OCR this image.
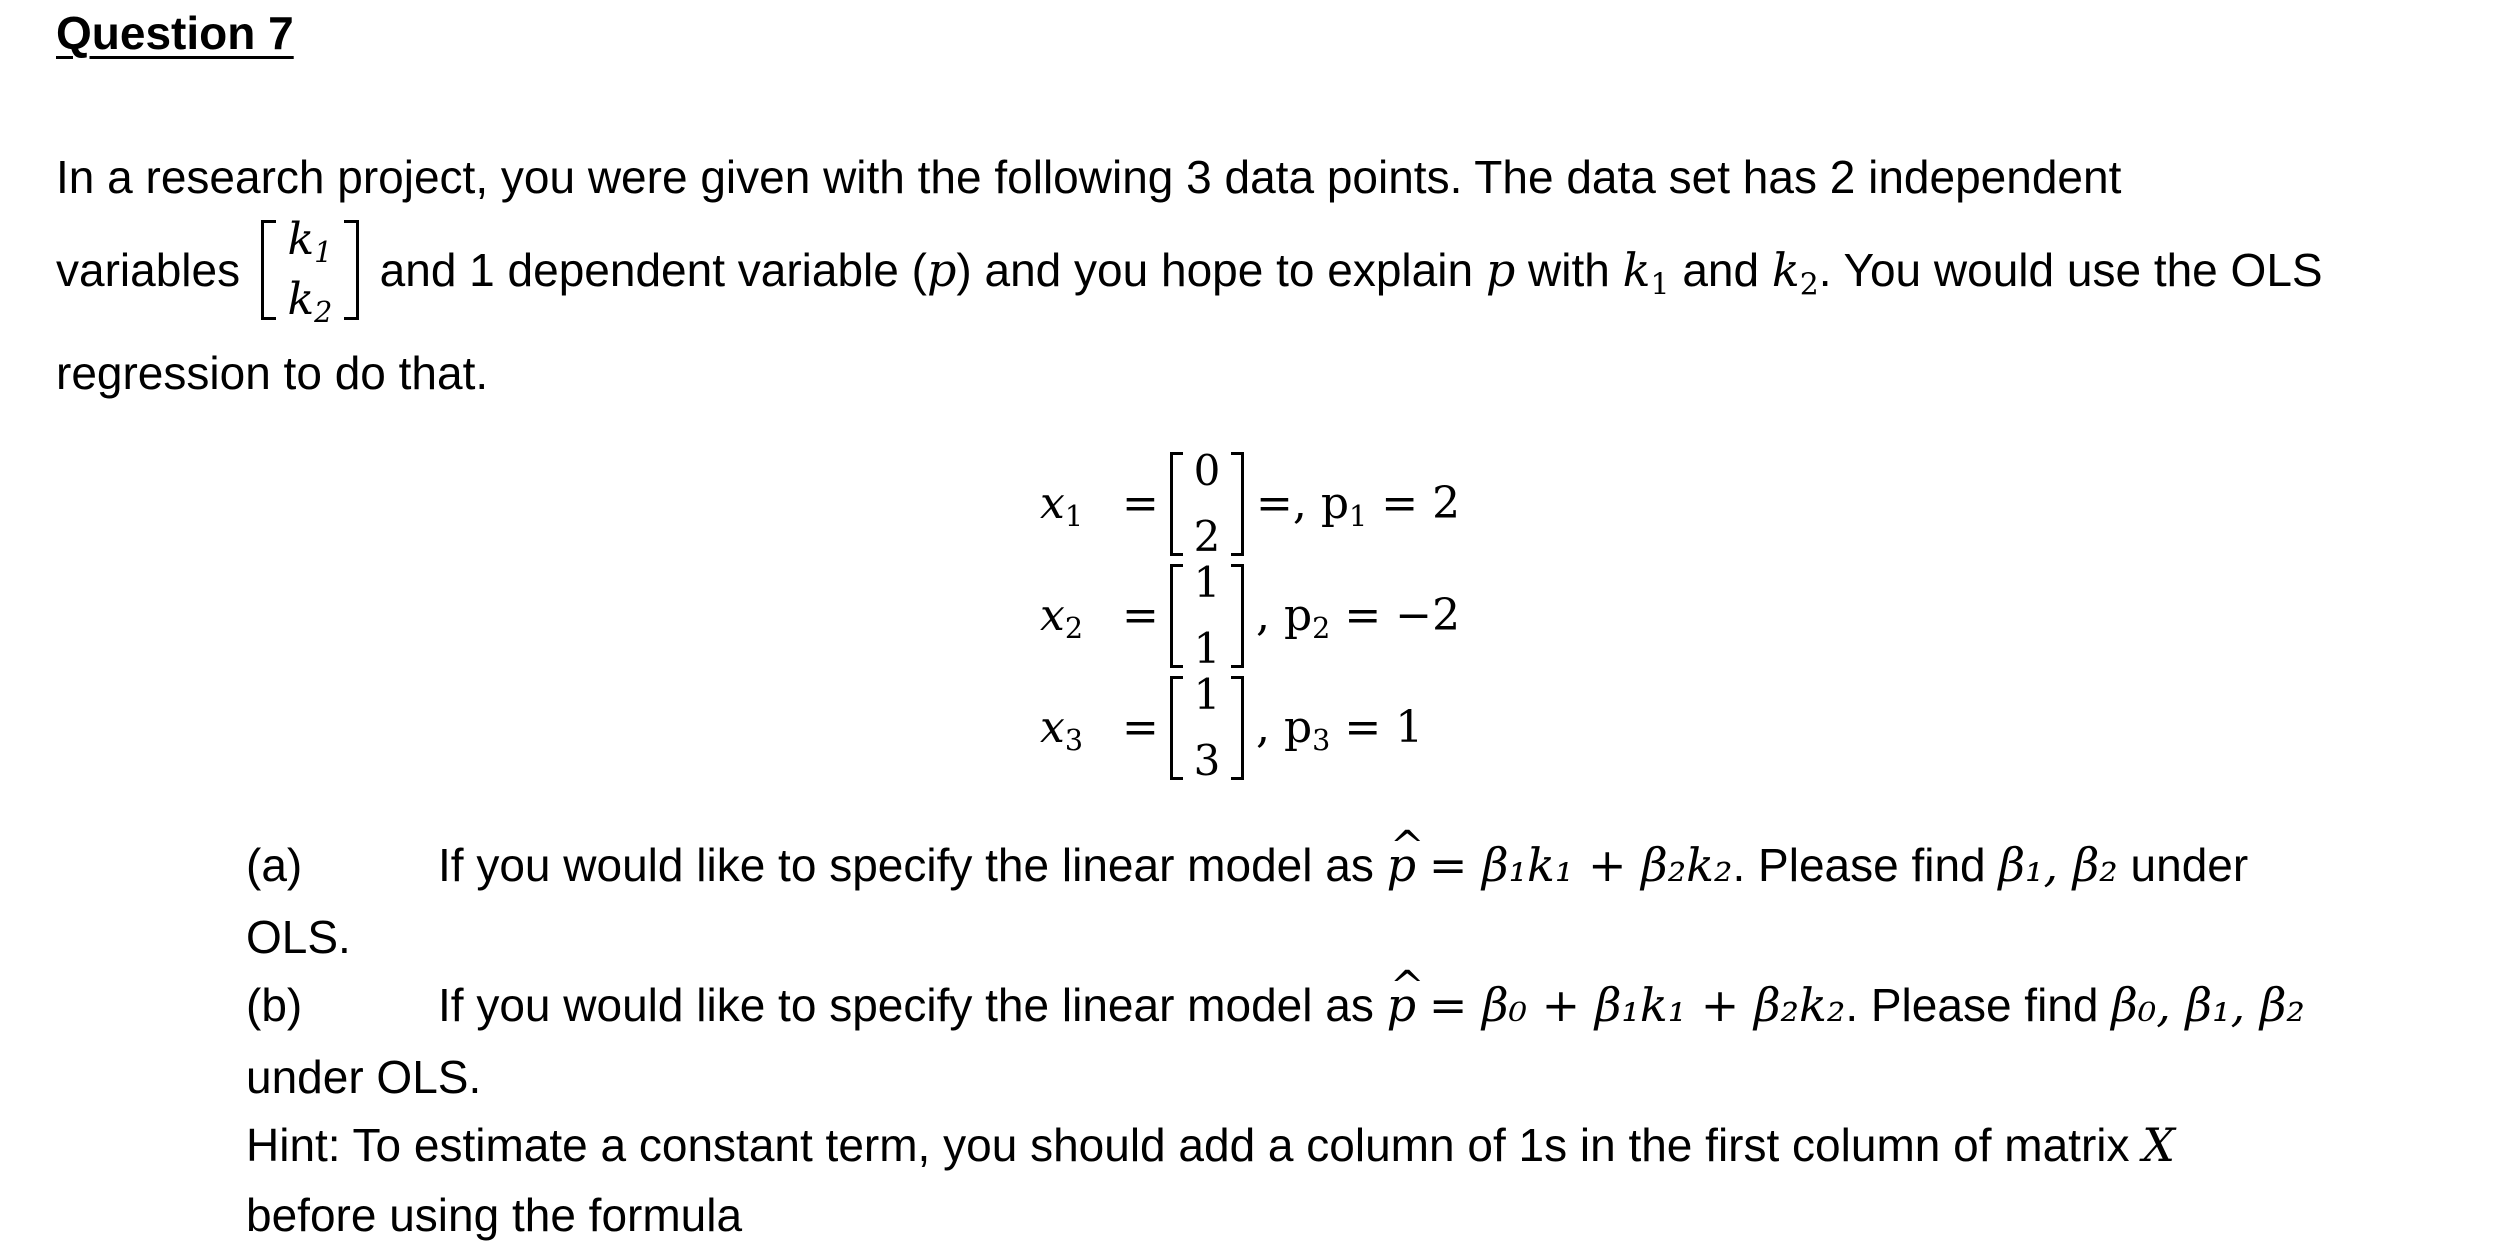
Question 7
In a research project, you were given with the following 3 data points. The data set has 2 independent
variables
$k_1$
$k_2$
and 1 dependent variable (p) and you hope to explain p with $k_1$ and $k_2$. You would use the OLS
regression to do that.
$x_1$ =
0
2
=, $p_1 = 2$
$x_2$ =
1
1
, $p_2 = -2$
$x_3$ =
1
3
, $p_3 = 1$
(a)	If you would like to specify the linear model as ^ p = β₁k₁ + β₂k₂. Please find β₁, β₂ under
OLS.
(b)	If you would like to specify the linear model as ^ p = β₀ + β₁k₁ + β₂k₂. Please find β₀, β₁, β₂
under OLS.
Hint: To estimate a constant term, you should add a column of 1s in the first column of matrix X
before using the formula
